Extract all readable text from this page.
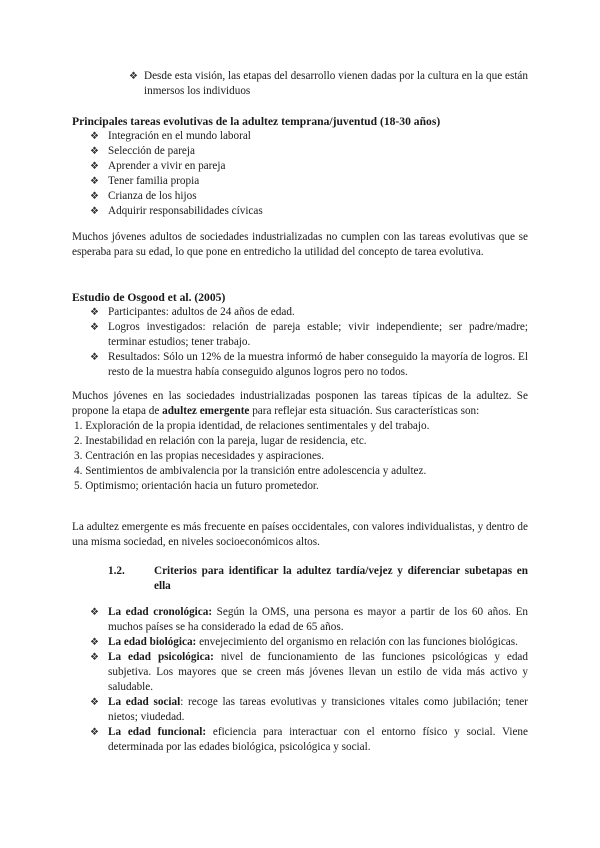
❖ Desde esta visión, las etapas del desarrollo vienen dadas por la cultura en la que están inmersos los individuos

Principales tareas evolutivas de la adultez temprana/juventud (18-30 años)

❖ Integración en el mundo laboral
❖ Selección de pareja
❖ Aprender a vivir en pareja
❖ Tener familia propia
❖ Crianza de los hijos
❖ Adquirir responsabilidades cívicas

Muchos jóvenes adultos de sociedades industrializadas no cumplen con las tareas evolutivas que se esperaba para su edad, lo que pone en entredicho la utilidad del concepto de tarea evolutiva.

Estudio de Osgood et al. (2005)

❖ Participantes: adultos de 24 años de edad.
❖ Logros investigados: relación de pareja estable; vivir independiente; ser padre/madre; terminar estudios; tener trabajo.
❖ Resultados: Sólo un 12% de la muestra informó de haber conseguido la mayoría de logros. El resto de la muestra había conseguido algunos logros pero no todos.

Muchos jóvenes en las sociedades industrializadas posponen las tareas típicas de la adultez. Se propone la etapa de adultez emergente para reflejar esta situación. Sus características son:

1. Exploración de la propia identidad, de relaciones sentimentales y del trabajo.
2. Inestabilidad en relación con la pareja, lugar de residencia, etc.
3. Centración en las propias necesidades y aspiraciones.
4. Sentimientos de ambivalencia por la transición entre adolescencia y adultez.
5. Optimismo; orientación hacia un futuro prometedor.

La adultez emergente es más frecuente en países occidentales, con valores individualistas, y dentro de una misma sociedad, en niveles socioeconómicos altos.

1.2.	Criterios para identificar la adultez tardía/vejez y diferenciar subetapas en ella
❖ La edad cronológica: Según la OMS, una persona es mayor a partir de los 60 años. En muchos países se ha considerado la edad de 65 años.
❖ La edad biológica: envejecimiento del organismo en relación con las funciones biológicas.
❖ La edad psicológica: nivel de funcionamiento de las funciones psicológicas y edad subjetiva. Los mayores que se creen más jóvenes llevan un estilo de vida más activo y saludable.
❖ La edad social: recoge las tareas evolutivas y transiciones vitales como jubilación; tener nietos; viudedad.
❖ La edad funcional: eficiencia para interactuar con el entorno físico y social. Viene determinada por las edades biológica, psicológica y social.
